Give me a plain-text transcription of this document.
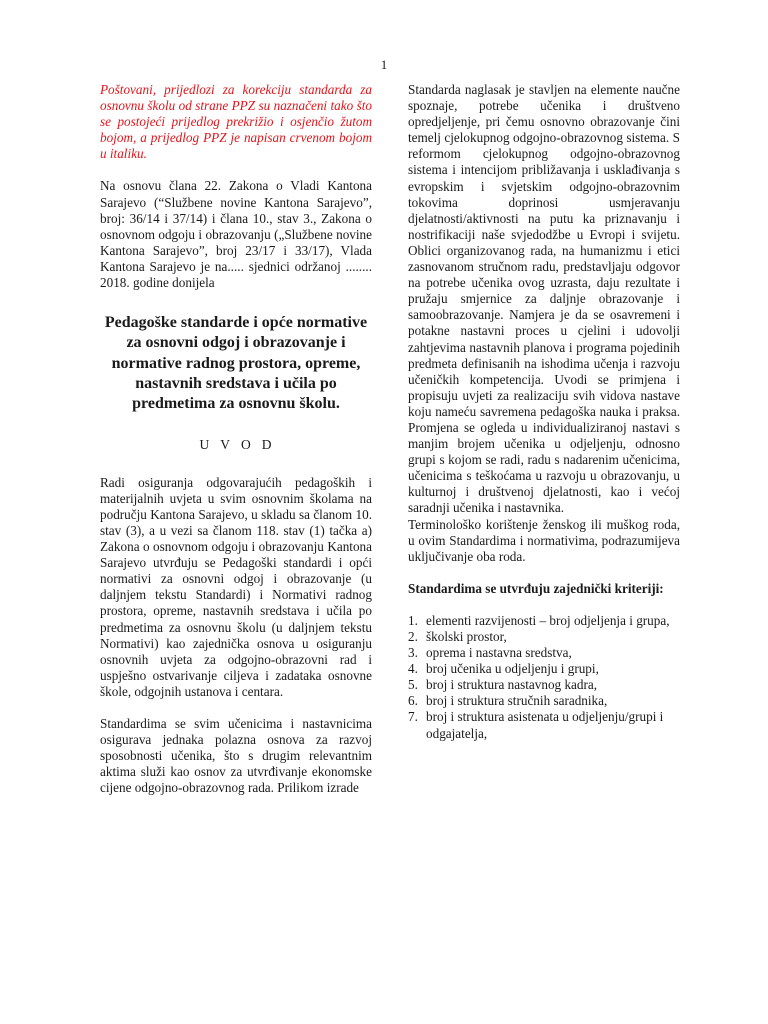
1

Poštovani, prijedlozi za korekciju standarda za osnovnu školu od strane PPZ su naznačeni tako što se postojeći prijedlog prekrižio i osjenčio žutom bojom, a prijedlog PPZ je napisan crvenom bojom u italiku.

Na osnovu člana 22. Zakona o Vladi Kantona Sarajevo (“Službene novine Kantona Sarajevo”, broj: 36/14 i 37/14) i člana 10., stav 3., Zakona o osnovnom odgoju i obrazovanju („Službene novine Kantona Sarajevo”, broj 23/17 i 33/17), Vlada Kantona Sarajevo je na..... sjednici održanoj ........ 2018. godine donijela

Pedagoške standarde i opće normative za osnovni odgoj i obrazovanje i normative radnog prostora, opreme, nastavnih sredstava i učila po predmetima za osnovnu školu.

UVOD

Radi osiguranja odgovarajućih pedagoških i materijalnih uvjeta u svim osnovnim školama na području Kantona Sarajevo, u skladu sa članom 10. stav (3), a u vezi sa članom 118. stav (1) tačka a) Zakona o osnovnom odgoju i obrazovanju Kantona Sarajevo utvrđuju se Pedagoški standardi i opći normativi za osnovni odgoj i obrazovanje (u daljnjem tekstu Standardi) i Normativi radnog prostora, opreme, nastavnih sredstava i učila po predmetima za osnovnu školu (u daljnjem tekstu Normativi) kao zajednička osnova u osiguranju osnovnih uvjeta za odgojno-obrazovni rad i uspješno ostvarivanje ciljeva i zadataka osnovne škole, odgojnih ustanova i centara.

Standardima se svim učenicima i nastavnicima osigurava jednaka polazna osnova za razvoj sposobnosti učenika, što s drugim relevantnim aktima služi kao osnov za utvrđivanje ekonomske cijene odgojno-obrazovnog rada. Prilikom izrade

Standarda naglasak je stavljen na elemente naučne spoznaje, potrebe učenika i društveno opredjeljenje, pri čemu osnovno obrazovanje čini temelj cjelokupnog odgojno-obrazovnog sistema. S reformom cjelokupnog odgojno-obrazovnog sistema i intencijom približavanja i usklađivanja s evropskim i svjetskim odgojno-obrazovnim tokovima doprinosi usmjeravanju djelatnosti/aktivnosti na putu ka priznavanju i nostrifikaciji naše svjedodžbe u Evropi i svijetu. Oblici organizovanog rada, na humanizmu i etici zasnovanom stručnom radu, predstavljaju odgovor na potrebe učenika ovog uzrasta, daju rezultate i pružaju smjernice za daljnje obrazovanje i samoobrazovanje. Namjera je da se osavremeni i potakne nastavni proces u cjelini i udovolji zahtjevima nastavnih planova i programa pojedinih predmeta definisanih na ishodima učenja i razvoju učeničkih kompetencija. Uvodi se primjena i propisuju uvjeti za realizaciju svih vidova nastave koju nameću savremena pedagoška nauka i praksa. Promjena se ogleda u individualiziranoj nastavi s manjim brojem učenika u odjeljenju, odnosno grupi s kojom se radi, radu s nadarenim učenicima, učenicima s teškoćama u razvoju u obrazovanju, u kulturnoj i društvenoj djelatnosti, kao i većoj saradnji učenika i nastavnika.

Terminološko korištenje ženskog ili muškog roda, u ovim Standardima i normativima, podrazumijeva uključivanje oba roda.

Standardima se utvrđuju zajednički kriteriji:

1. elementi razvijenosti – broj odjeljenja i grupa,
2. školski prostor,
3. oprema i nastavna sredstva,
4. broj učenika u odjeljenju i grupi,
5. broj i struktura nastavnog kadra,
6. broj i struktura stručnih saradnika,
7. broj i struktura asistenata u odjeljenju/grupi i odgajatelja,
